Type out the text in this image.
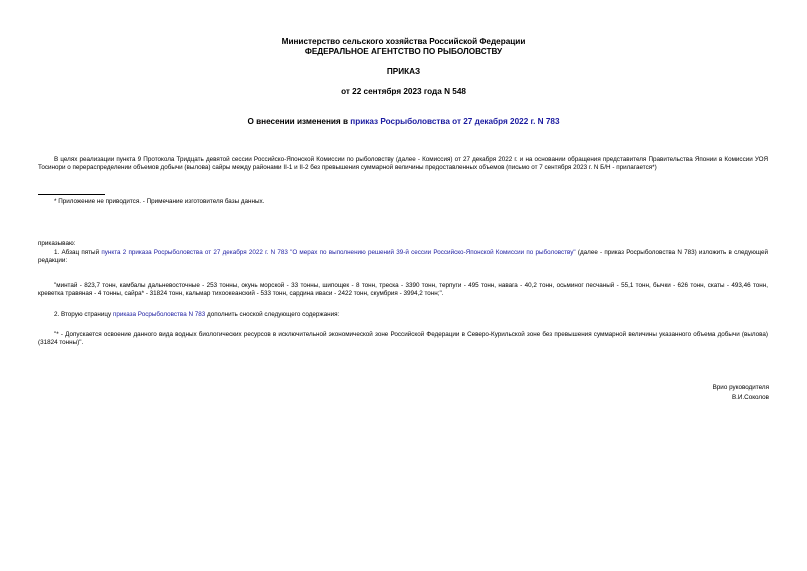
Министерство сельского хозяйства Российской Федерации
ФЕДЕРАЛЬНОЕ АГЕНТСТВО ПО РЫБОЛОВСТВУ
ПРИКАЗ
от 22 сентября 2023 года N 548
О внесении изменения в приказ Росрыболовства от 27 декабря 2022 г. N 783
В целях реализации пункта 9 Протокола Тридцать девятой сессии Российско-Японской Комиссии по рыболовству (далее - Комиссия) от 27 декабря 2022 г. и на основании обращения представителя Правительства Японии в Комиссии УОЯ Тосинори о перераспределении объемов добычи (вылова) сайры между районами II-1 и II-2 без превышения суммарной величины предоставленных объемов (письмо от 7 сентября 2023 г. N Б/Н - прилагается*)
* Приложение не приводится. - Примечание изготовителя базы данных.
приказываю:
1. Абзац пятый пункта 2 приказа Росрыболовства от 27 декабря 2022 г. N 783 "О мерах по выполнению решений 39-й сессии Российско-Японской Комиссии по рыболовству" (далее - приказ Росрыболовства N 783) изложить в следующей редакции:
"минтай - 823,7 тонн, камбалы дальневосточные - 253 тонны, окунь морской - 33 тонны, шипощек - 8 тонн, треска - 3390 тонн, терпуги - 495 тонн, навага - 40,2 тонн, осьминог песчаный - 55,1 тонн, бычки - 626 тонн, скаты - 493,46 тонн, креветка травяная - 4 тонны, сайра* - 31824 тонн, кальмар тихоокеанский - 533 тонн, сардина иваси - 2422 тонн, скумбрия - 3994,2 тонн;".
2. Вторую страницу приказа Росрыболовства N 783 дополнить сноской следующего содержания:
"* - Допускается освоение данного вида водных биологических ресурсов в исключительной экономической зоне Российской Федерации в Северо-Курильской зоне без превышения суммарной величины указанного объема добычи (вылова) (31824 тонны)".
Врио руководителя
В.И.Соколов
